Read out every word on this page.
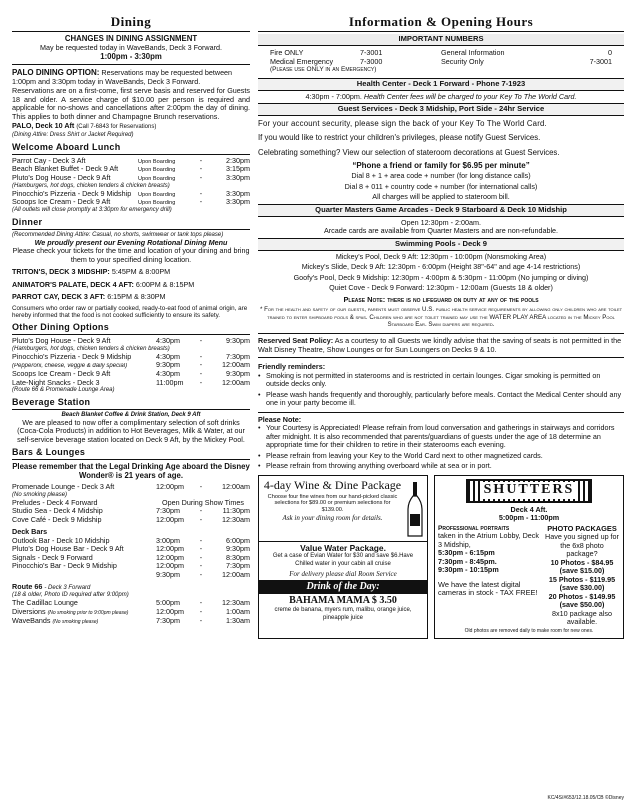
Dining
CHANGES IN DINING ASSIGNMENT
May be requested today in WaveBands, Deck 3 Forward.
1:00pm - 3:30pm

PALO DINING OPTION: Reservations may be requested between 1:00pm and 3:30pm today in WaveBands, Deck 3 Forward.

Reservations are on a first-come, first serve basis and reserved for Guests 18 and older. A service charge of $10.00 per person is required and applicable for no-shows and cancellations after 2:00pm the day of dining. This applies to both dinner and Champagne Brunch reservations.

PALO, Deck 10 Aft (Call 7-6843 for Reservations)

(Dining Attire: Dress Shirt or Jacket Required)

Welcome Aboard Lunch
Parrot Cay - Deck 3 Aft	Upon Boarding	-	2:30pm
Beach Blanket Buffet - Deck 9 Aft	Upon Boarding	-	3:15pm
Pluto's Dog House - Deck 9 Aft	Upon Boarding	-	3:30pm
(Hamburgers, hot dogs, chicken tenders & chicken breasts)
Pinocchio's Pizzeria - Deck 9 Midship	Upon Boarding	-	3:30pm
Scoops Ice Cream - Deck 9 Aft	Upon Boarding	-	3:30pm
(All outlets will close promptly at 3:30pm for emergency drill)
Dinner
(Recommended Dining Attire: Casual, no shorts, swimwear or tank tops please)
We proudly present our Evening Rotational Dining Menu
Please check your tickets for the time and location of your dining and bring them to your specified dining location.

TRITON'S, DECK 3 MIDSHIP: 5:45PM & 8:00PM

ANIMATOR'S PALATE, DECK 4 AFT: 6:00PM & 8:15PM

PARROT CAY, DECK 3 AFT: 6:15PM & 8:30PM

Consumers who order raw or partially cooked, ready-to-eat food of animal origin, are hereby informed that the food is not cooked sufficiently to ensure its safety.

Other Dining Options
Pluto's Dog House - Deck 9 Aft	4:30pm	-	9:30pm
(Hamburgers, hot dogs, chicken tenders & chicken breasts)
Pinocchio's Pizzeria - Deck 9 Midship	4:30pm	-	7:30pm
(Pepperoni, cheese, veggie & daily special)	9:30pm	-	12:00am
Scoops Ice Cream - Deck 9 Aft	4:30pm	-	9:30pm
Late-Night Snacks - Deck 3	11:00pm	-	12:00am
(Route 66 & Promenade Lounge Area)
Beverage Station
Beach Blanket Coffee & Drink Station, Deck 9 Aft
We are pleased to now offer a complimentary selection of soft drinks (Coca-Cola Products) in addition to Hot Beverages, Milk & Water, at our self-service beverage station located on Deck 9 Aft, by the Mickey Pool.
Bars & Lounges
Please remember that the Legal Drinking Age aboard the Disney Wonder® is 21 years of age.
Promenade Lounge - Deck 3 Aft	12:00pm	-	12:00am
(No smoking please)
Preludes - Deck 4 Forward	Open During Show Times
Studio Sea - Deck 4 Midship	7:30pm	-	11:30pm
Cove Café - Deck 9 Midship	12:00pm	-	12:30am
Deck Bars
Outlook Bar - Deck 10 Midship	3:00pm	-	6:00pm
Pluto's Dog House Bar - Deck 9 Aft	12:00pm	-	9:30pm
Signals - Deck 9 Forward	12:00pm	-	8:30pm
Pinocchio's Bar - Deck 9 Midship	12:00pm	-	7:30pm
9:30pm	-	12:00am
Route 66 - Deck 3 Forward
(18 & older, Photo ID required after 9:00pm)
The Cadillac Lounge	5:00pm	-	12:30am
Diversions (No smoking prior to 9:00pm please)	12:00pm	-	1:00am
WaveBands (No smoking please)	7:30pm	-	1:30am
Information & Opening Hours
IMPORTANT NUMBERS
Fire ONLY	7-3001
Medical Emergency	7-3000
General Information	0
Security Only	7-3001
(Please use ONLY in an Emergency)
Health Center - Deck 1 Forward - Phone 7-1923
4:30pm - 7:00pm. Health Center fees will be charged to your Key To The World Card.
Guest Services - Deck 3 Midship, Port Side - 24hr Service

For your account security, please sign the back of your Key To The World Card.

If you would like to restrict your children's privileges, please notify Guest Services.

Celebrating something? View our selection of stateroom decorations at Guest Services.

“Phone a friend or family for $6.95 per minute”
Dial 8 + 1 + area code + number (for long distance calls)
Dial 8 + 011 + country code + number (for international calls)
All charges will be applied to stateroom bill.
Quarter Masters Game Arcades - Deck 9 Starboard & Deck 10 Midship
Open 12:30pm - 2:00am.
Arcade cards are available from Quarter Masters and are non-refundable.
Swimming Pools - Deck 9
Mickey's Pool, Deck 9 Aft: 12:30pm - 10:00pm (Nonsmoking Area)
Mickey's Slide, Deck 9 Aft: 12:30pm - 6:00pm (Height 38"-64" and age 4-14 restrictions)
Goofy's Pool, Deck 9 Midship: 12:30pm - 4:00pm & 5:30pm - 11:00pm (No jumping or diving)
Quiet Cove - Deck 9 Forward: 12:30pm - 12:00am (Guests 18 & older)
Please Note: there is no lifeguard on duty at any of the pools
* For the health and safety of our guests, parents must observe U.S. public health service requirements by allowing only children who are toilet trained to enter shipboard pools & spas. Children who are not toilet trained may use the WATER PLAY AREA located in the Mickey Pool Starboard Ear. Swim diapers are required.

Reserved Seat Policy: As a courtesy to all Guests we kindly advise that the saving of seats is not permitted in the Walt Disney Theatre, Show Lounges or for Sun Loungers on Decks 9 & 10.

Friendly reminders:
• Smoking is not permitted in staterooms and is restricted in certain lounges. Cigar smoking is permitted on outside decks only.
• Please wash hands frequently and thoroughly, particularly before meals. Contact the Medical Center should any one in your party become ill.
Please Note:
• Your Courtesy is Appreciated! Please refrain from loud conversation and gatherings in stairways and corridors after midnight. It is also recommended that parents/guardians of guests under the age of 18 determine an appropriate time for their children to retire in their staterooms each evening.
• Please refrain from leaving your Key to the World Card next to other magnetized cards.
• Please refrain from throwing anything overboard while at sea or in port.
4-day Wine & Dine Package
Choose four fine wines from our hand-picked classic selections for $89.00 or premium selections for $139.00.
Ask in your dining room for details.
Value Water Package.
Get a case of Evian Water for $30 and save $6.Have Chilled water in your cabin all cruise
For delivery please dial Room Service
Drink of the Day:
BAHAMA MAMA $ 3.50
creme de banana, myers rum, malibu, orange juice, pineapple juice
SHUTTERS
Deck 4 Aft.
5:00pm - 11:00pm
Professional portraits
taken in the Atrium Lobby, Deck 3 Midship,
5:30pm - 6:15pm
7:30pm - 8:45pm.
9:30pm - 10:15pm
We have the latest digital cameras in stock - TAX FREE!
PHOTO PACKAGES
Have you signed up for the 6x8 photo package?
10 Photos - $84.95
(save $15.00)
15 Photos - $119.95
(save $30.00)
20 Photos - $149.95
(save $50.00)
8x10 package also available.
Old photos are removed daily to make room for new ones.
KC/4S/#653/12.18.05/CB ©Disney
